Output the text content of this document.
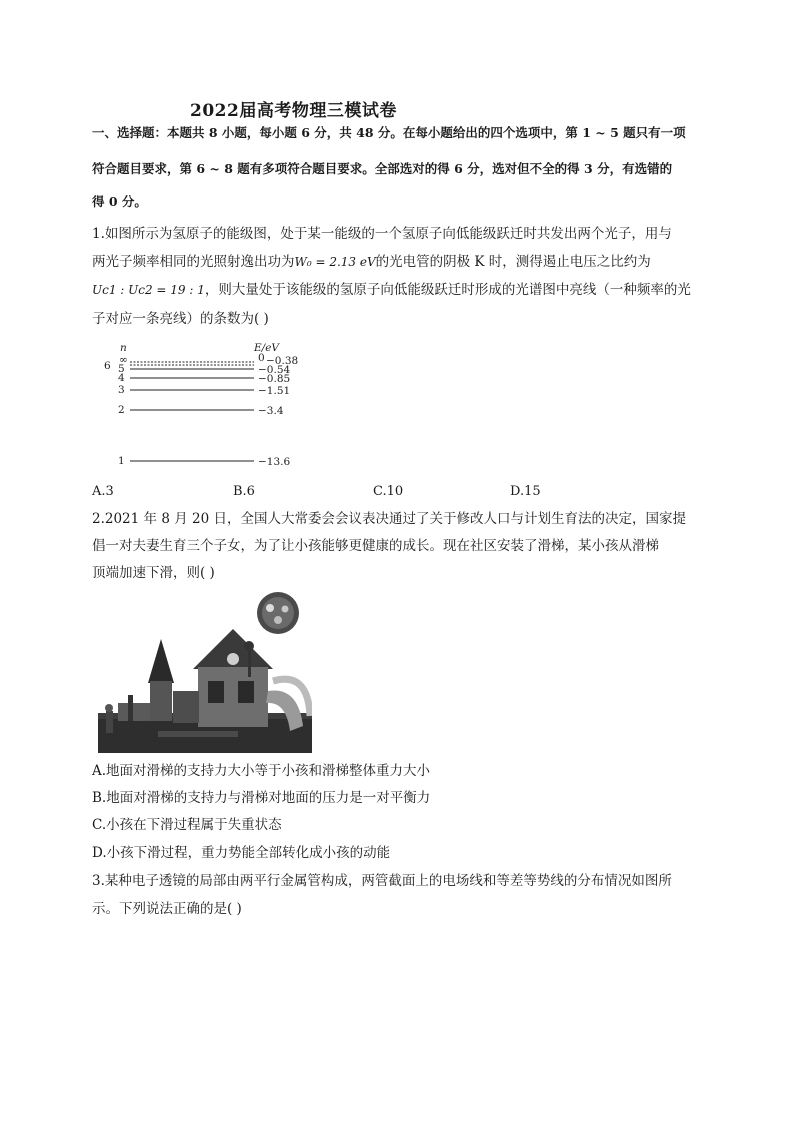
2022届高考物理三模试卷
一、选择题：本题共 8 小题，每小题 6 分，共 48 分。在每小题给出的四个选项中，第 1 ~ 5 题只有一项
符合题目要求，第 6 ~ 8 题有多项符合题目要求。全部选对的得 6 分，选对但不全的得 3 分，有选错的
得 0 分。
1.如图所示为氢原子的能级图，处于某一能级的一个氢原子向低能级跃迁时共发出两个光子，用与
两光子频率相同的光照射逸出功为W₀ = 2.13 eV的光电管的阴极 K 时，测得遏止电压之比约为
Uc1 : Uc2 = 19 : 1，则大量处于该能级的氢原子向低能级跃迁时形成的光谱图中亮线（一种频率的光
子对应一条亮线）的条数为( )
n	E/eV
∞	0
6	−0.38
5	−0.54
4	−0.85
3	−1.51
2	−3.4
1	−13.6
A.3	B.6	C.10	D.15
2.2021 年 8 月 20 日，全国人大常委会会议表决通过了关于修改人口与计划生育法的决定，国家提
倡一对夫妻生育三个子女，为了让小孩能够更健康的成长。现在社区安装了滑梯，某小孩从滑梯
顶端加速下滑，则( )
A.地面对滑梯的支持力大小等于小孩和滑梯整体重力大小
B.地面对滑梯的支持力与滑梯对地面的压力是一对平衡力
C.小孩在下滑过程属于失重状态
D.小孩下滑过程，重力势能全部转化成小孩的动能
3.某种电子透镜的局部由两平行金属管构成，两管截面上的电场线和等差等势线的分布情况如图所
示。下列说法正确的是( )
